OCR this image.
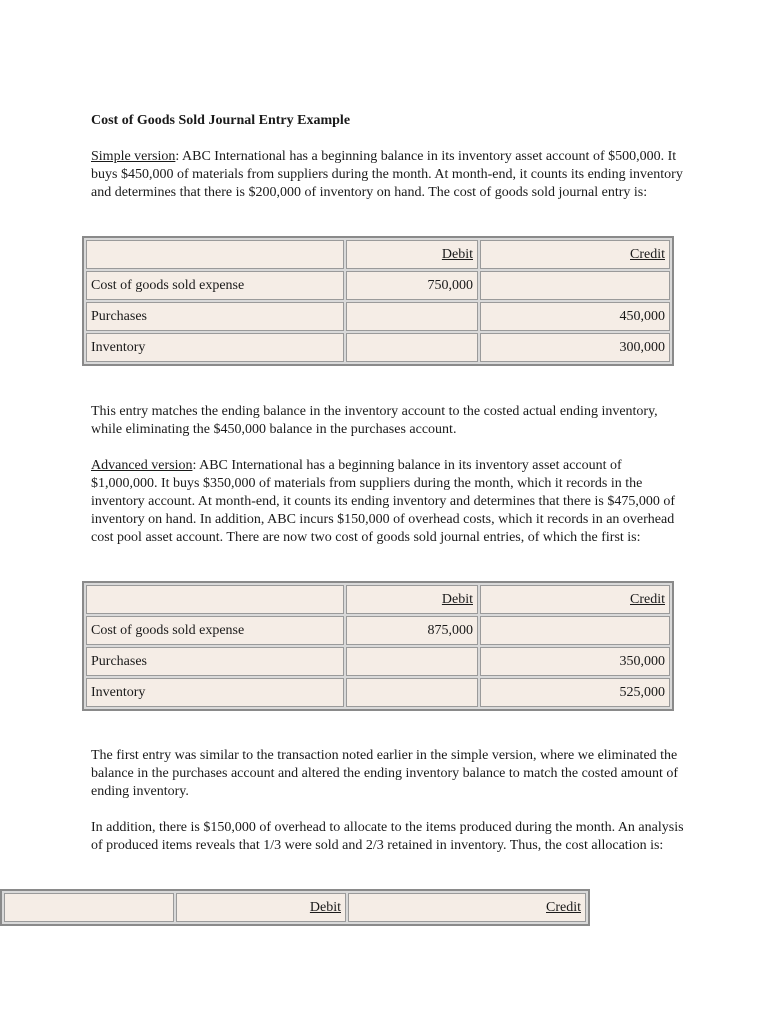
Cost of Goods Sold Journal Entry Example
Simple version: ABC International has a beginning balance in its inventory asset account of $500,000. It buys $450,000 of materials from suppliers during the month. At month-end, it counts its ending inventory and determines that there is $200,000 of inventory on hand. The cost of goods sold journal entry is:
	Debit	Credit
Cost of goods sold expense	750,000	
Purchases		450,000
Inventory		300,000
This entry matches the ending balance in the inventory account to the costed actual ending inventory, while eliminating the $450,000 balance in the purchases account.
Advanced version: ABC International has a beginning balance in its inventory asset account of $1,000,000. It buys $350,000 of materials from suppliers during the month, which it records in the inventory account. At month-end, it counts its ending inventory and determines that there is $475,000 of inventory on hand. In addition, ABC incurs $150,000 of overhead costs, which it records in an overhead cost pool asset account. There are now two cost of goods sold journal entries, of which the first is:
	Debit	Credit
Cost of goods sold expense	875,000	
Purchases		350,000
Inventory		525,000
The first entry was similar to the transaction noted earlier in the simple version, where we eliminated the balance in the purchases account and altered the ending inventory balance to match the costed amount of ending inventory.
In addition, there is $150,000 of overhead to allocate to the items produced during the month. An analysis of produced items reveals that 1/3 were sold and 2/3 retained in inventory. Thus, the cost allocation is:
	Debit	Credit
